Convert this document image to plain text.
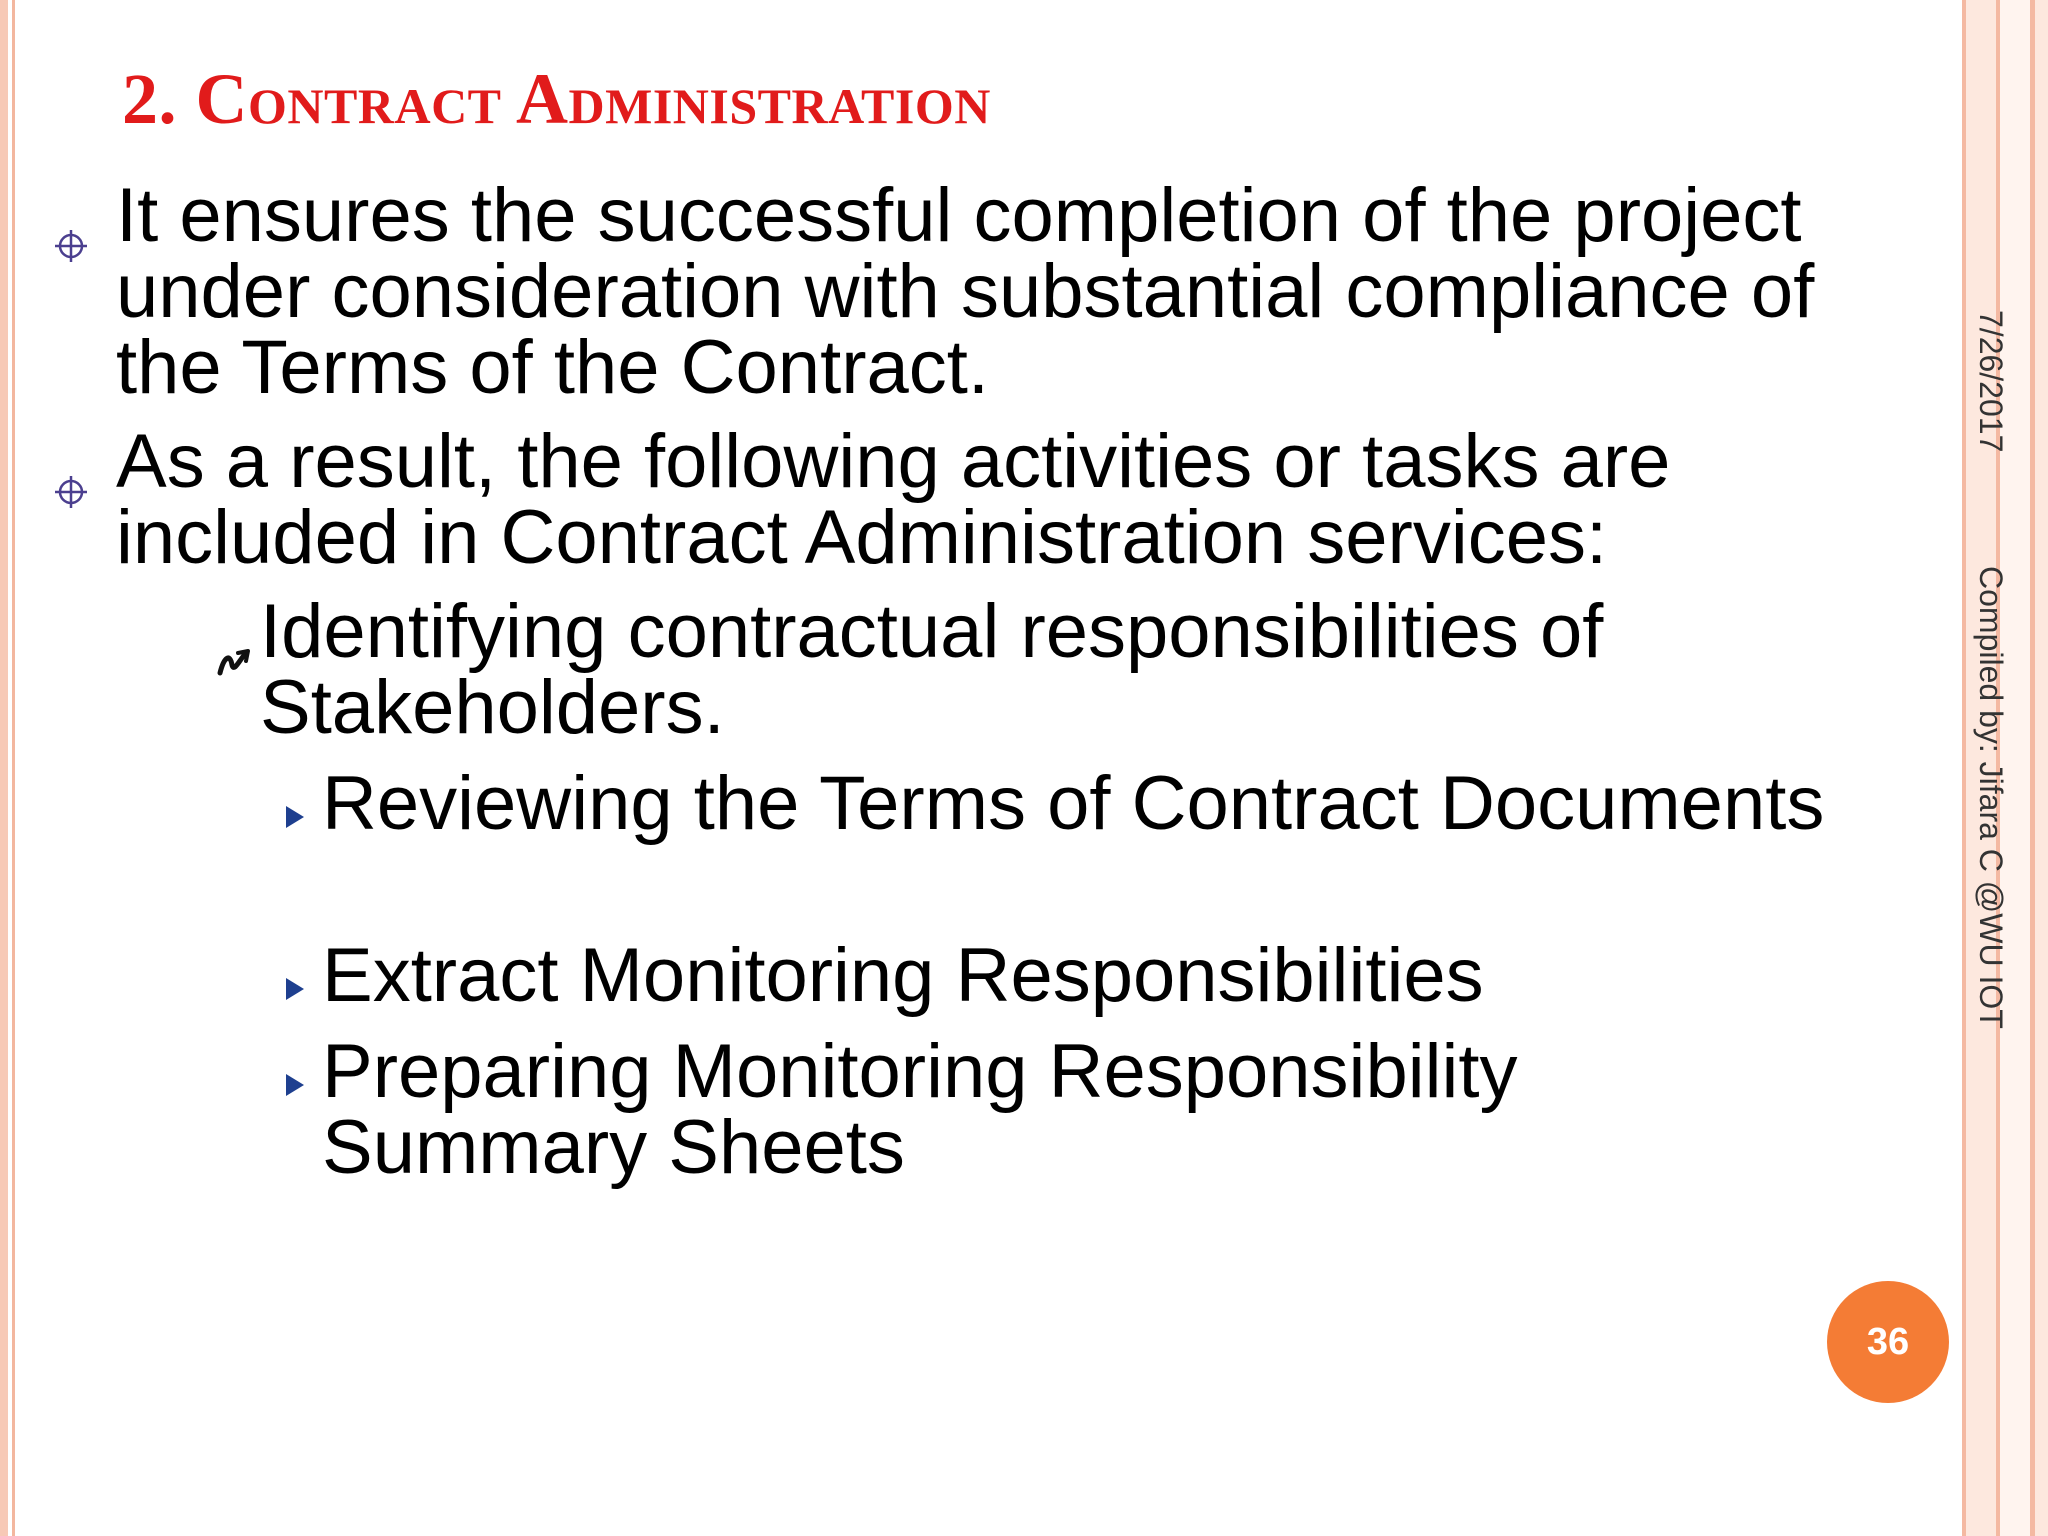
2. Contract Administration
It ensures the successful completion of the project under consideration with substantial compliance of the Terms of the Contract.
As a result, the following activities or tasks are included in Contract Administration services:
Identifying contractual responsibilities of Stakeholders.
Reviewing the Terms of Contract Documents
Extract Monitoring Responsibilities
Preparing Monitoring Responsibility Summary Sheets
7/26/2017
Compiled by: Jifara C @WU IOT
36
